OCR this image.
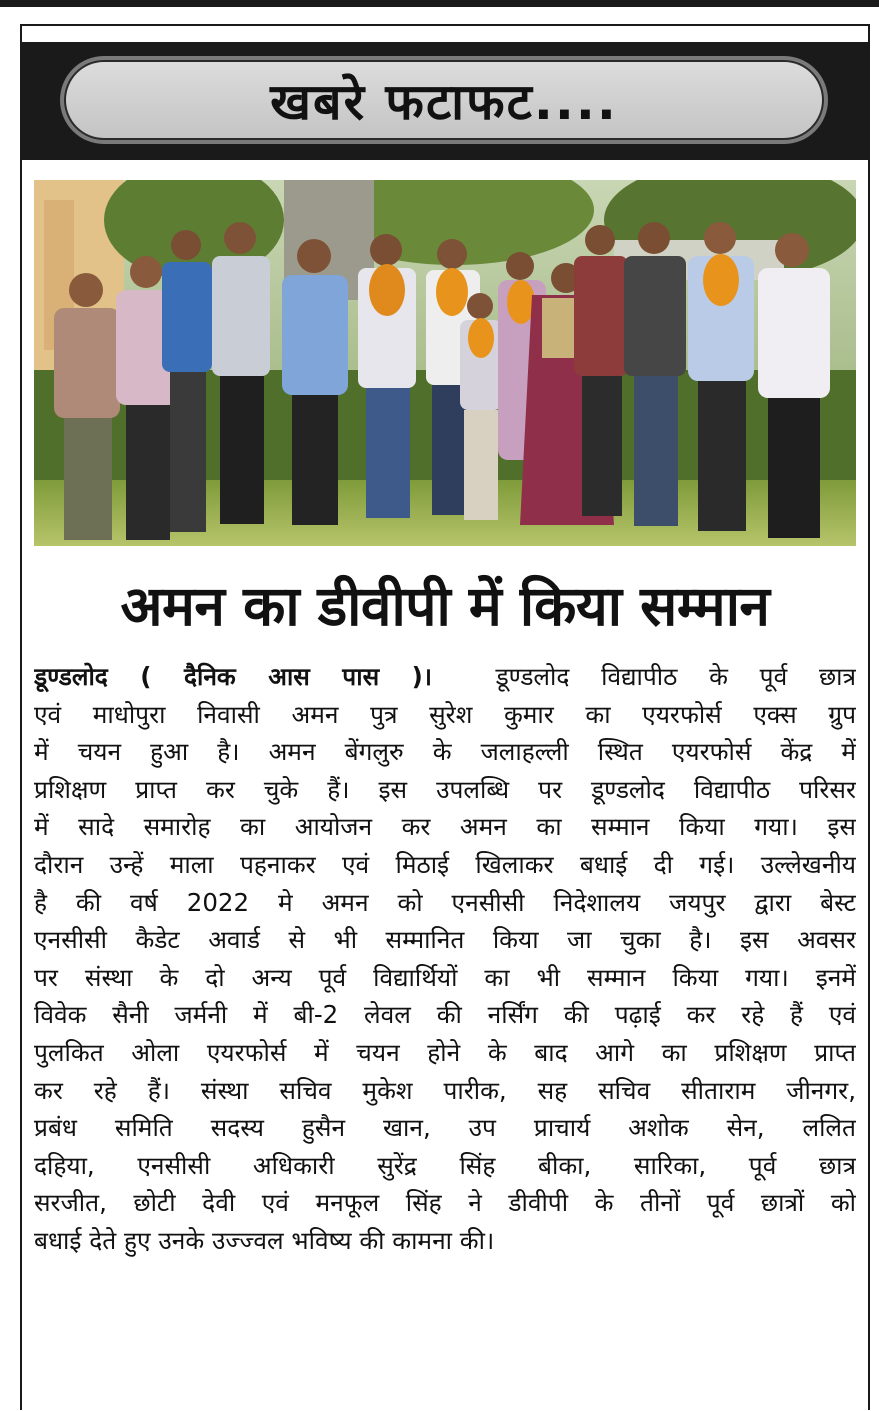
खबरे फटाफट....
अमन का डीवीपी में किया सम्मान
डूण्डलोद ( दैनिक आस पास )।	डूण्डलोद विद्यापीठ के पूर्व छात्र
एवं माधोपुरा निवासी अमन पुत्र सुरेश कुमार का एयरफोर्स एक्स ग्रुप
में चयन हुआ है। अमन बेंगलुरु के जलाहल्ली स्थित एयरफोर्स केंद्र में
प्रशिक्षण प्राप्त कर चुके हैं। इस उपलब्धि पर डूण्डलोद विद्यापीठ परिसर
में सादे समारोह का आयोजन कर अमन का सम्मान किया गया। इस
दौरान उन्हें माला पहनाकर एवं मिठाई खिलाकर बधाई दी गई। उल्लेखनीय
है की वर्ष 2022 मे अमन को एनसीसी निदेशालय जयपुर द्वारा बेस्ट
एनसीसी कैडेट अवार्ड से भी सम्मानित किया जा चुका है। इस अवसर
पर संस्था के दो अन्य पूर्व विद्यार्थियों का भी सम्मान किया गया। इनमें
विवेक सैनी जर्मनी में बी-2 लेवल की नर्सिंग की पढ़ाई कर रहे हैं एवं
पुलकित ओला एयरफोर्स में चयन होने के बाद आगे का प्रशिक्षण प्राप्त
कर रहे हैं। संस्था सचिव मुकेश पारीक, सह सचिव सीताराम जीनगर,
प्रबंध समिति सदस्य हुसैन खान, उप प्राचार्य अशोक सेन, ललित
दहिया, एनसीसी अधिकारी सुरेंद्र सिंह बीका, सारिका, पूर्व छात्र
सरजीत, छोटी देवी एवं मनफूल सिंह ने डीवीपी के तीनों पूर्व छात्रों को
बधाई देते हुए उनके उज्ज्वल भविष्य की कामना की।
